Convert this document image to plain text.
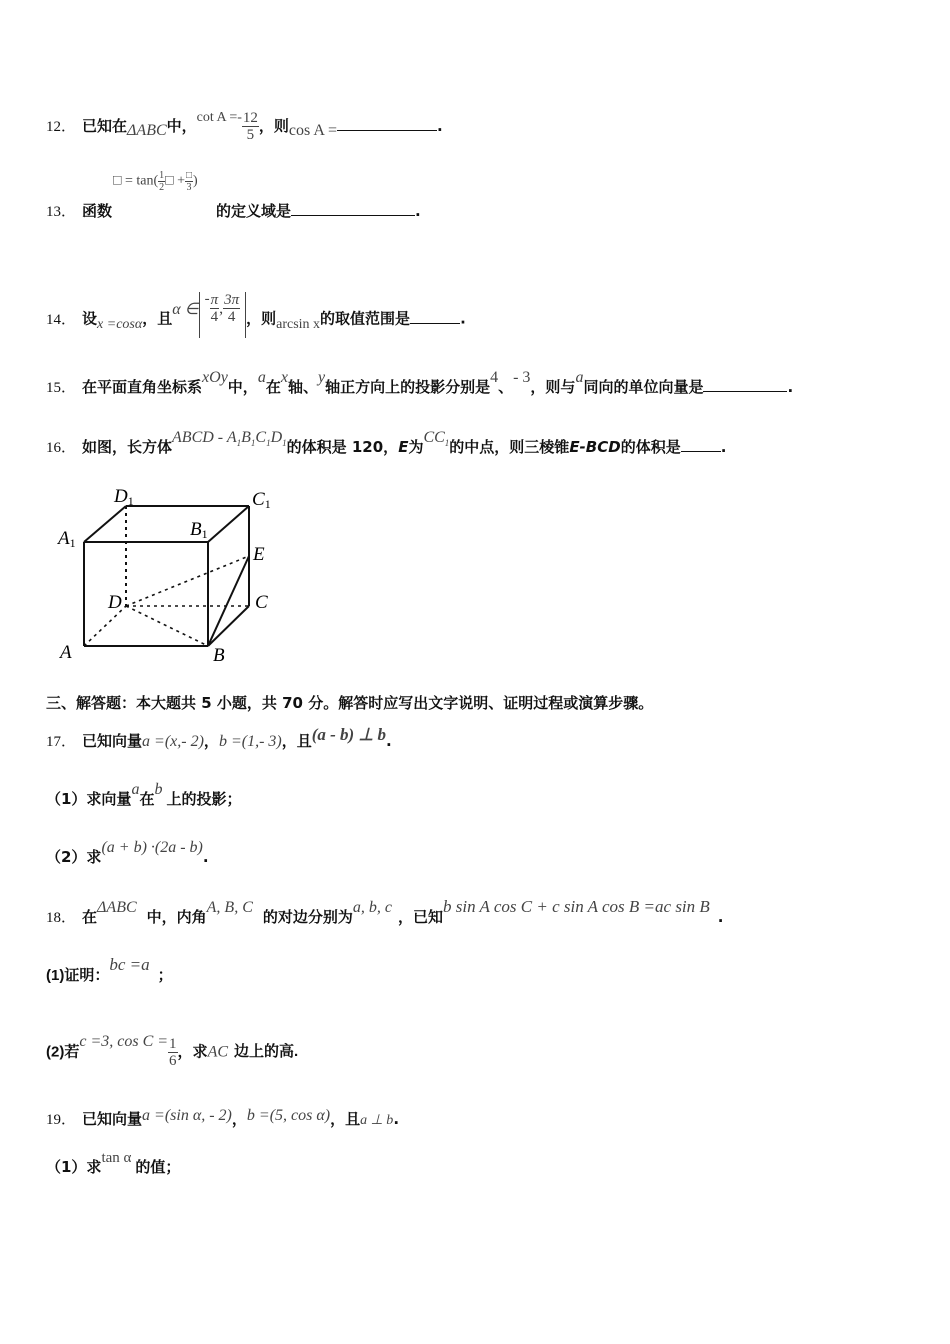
12． 已知在ΔABC中，$\cot A =- \frac{12}{5}$ ，则cos A =	.
□ = $\tan( \frac{1}{2}$ □ + $\frac{□}{3}$ )
13． 函数	的定义域是	.
14． 设x =cosα，且α ∈- $\frac{\pi}{4}$ , $\frac{3\pi}{4}$ ，则arcsin x的取值范围是	.
15． 在平面直角坐标系xOy中，a在x轴、y轴正方向上的投影分别是4、- 3，则与a同向的单位向量是	.
16． 如图，长方体ABCD - $A_1B_1C_1D_1$的体积是 120，E为$CC_1$的中点，则三棱锥E-BCD的体积是	.
D1	C1
A1
B1
E
D	C
A	B
三、解答题：本大题共 5 小题，共 70 分。解答时应写出文字说明、证明过程或演算步骤。
17． 已知向量a =(x,- 2)，b =(1,- 3)，且(a - b) ⊥ b.
（1）求向量a在b上的投影；
（2）求(a + b) ·(2a - b).
18． 在ΔABC中，内角A, B, C的对边分别为a, b, c，已知b sin A cos C + c sin A cos B =ac sin B.
(1)证明：bc =a；
(2)若c =3, $\cos C = \frac{1}{6}$ ，求AC 边上的高.
19． 已知向量a =(sin α, - 2)，b =(5, cos α)，且a ⊥ b.
（1）求tan α 的值；
